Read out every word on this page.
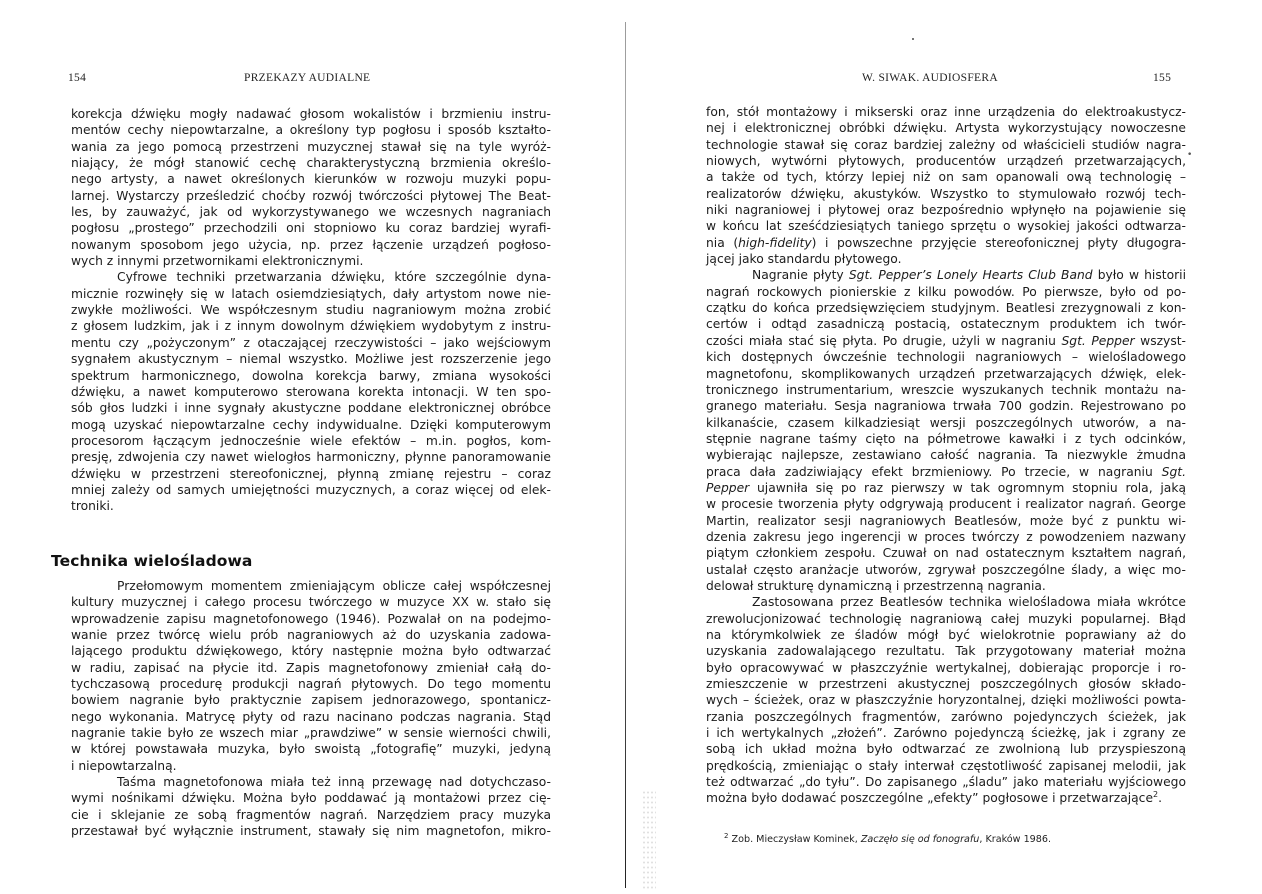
154	PRZEKAZY AUDIALNE
korekcja dźwięku mogły nadawać głosom wokalistów i brzmieniu instru-
mentów cechy niepowtarzalne, a określony typ pogłosu i sposób kształto-
wania za jego pomocą przestrzeni muzycznej stawał się na tyle wyróż-
niający, że mógł stanowić cechę charakterystyczną brzmienia określo-
nego artysty, a nawet określonych kierunków w rozwoju muzyki popu-
larnej. Wystarczy prześledzić choćby rozwój twórczości płytowej The Beat-
les, by zauważyć, jak od wykorzystywanego we wczesnych nagraniach
pogłosu „prostego” przechodzili oni stopniowo ku coraz bardziej wyrafi-
nowanym sposobom jego użycia, np. przez łączenie urządzeń pogłoso-
wych z innymi przetwornikami elektronicznymi.
Cyfrowe techniki przetwarzania dźwięku, które szczególnie dyna-
micznie rozwinęły się w latach osiemdziesiątych, dały artystom nowe nie-
zwykłe możliwości. We współczesnym studiu nagraniowym można zrobić
z głosem ludzkim, jak i z innym dowolnym dźwiękiem wydobytym z instru-
mentu czy „pożyczonym” z otaczającej rzeczywistości – jako wejściowym
sygnałem akustycznym – niemal wszystko. Możliwe jest rozszerzenie jego
spektrum harmonicznego, dowolna korekcja barwy, zmiana wysokości
dźwięku, a nawet komputerowo sterowana korekta intonacji. W ten spo-
sób głos ludzki i inne sygnały akustyczne poddane elektronicznej obróbce
mogą uzyskać niepowtarzalne cechy indywidualne. Dzięki komputerowym
procesorom łączącym jednocześnie wiele efektów – m.in. pogłos, kom-
presję, zdwojenia czy nawet wielogłos harmoniczny, płynne panoramowanie
dźwięku w przestrzeni stereofonicznej, płynną zmianę rejestru – coraz
mniej zależy od samych umiejętności muzycznych, a coraz więcej od elek-
troniki.
Technika wielośladowa
Przełomowym momentem zmieniającym oblicze całej współczesnej
kultury muzycznej i całego procesu twórczego w muzyce XX w. stało się
wprowadzenie zapisu magnetofonowego (1946). Pozwalał on na podejmo-
wanie przez twórcę wielu prób nagraniowych aż do uzyskania zadowa-
lającego produktu dźwiękowego, który następnie można było odtwarzać
w radiu, zapisać na płycie itd. Zapis magnetofonowy zmieniał całą do-
tychczasową procedurę produkcji nagrań płytowych. Do tego momentu
bowiem nagranie było praktycznie zapisem jednorazowego, spontanicz-
nego wykonania. Matrycę płyty od razu nacinano podczas nagrania. Stąd
nagranie takie było ze wszech miar „prawdziwe” w sensie wierności chwili,
w której powstawała muzyka, było swoistą „fotografię” muzyki, jedyną
i niepowtarzalną.
Taśma magnetofonowa miała też inną przewagę nad dotychczaso-
wymi nośnikami dźwięku. Można było poddawać ją montażowi przez cię-
cie i sklejanie ze sobą fragmentów nagrań. Narzędziem pracy muzyka
przestawał być wyłącznie instrument, stawały się nim magnetofon, mikro-
W. SIWAK. AUDIOSFERA	155
fon, stół montażowy i mikserski oraz inne urządzenia do elektroakustycz-
nej i elektronicznej obróbki dźwięku. Artysta wykorzystujący nowoczesne
technologie stawał się coraz bardziej zależny od właścicieli studiów nagra-
niowych, wytwórni płytowych, producentów urządzeń przetwarzających,
a także od tych, którzy lepiej niż on sam opanowali ową technologię –
realizatorów dźwięku, akustyków. Wszystko to stymulowało rozwój tech-
niki nagraniowej i płytowej oraz bezpośrednio wpłynęło na pojawienie się
w końcu lat sześćdziesiątych taniego sprzętu o wysokiej jakości odtwarza-
nia (high-fidelity) i powszechne przyjęcie stereofonicznej płyty długogra-
jącej jako standardu płytowego.
Nagranie płyty Sgt. Pepper’s Lonely Hearts Club Band było w historii
nagrań rockowych pionierskie z kilku powodów. Po pierwsze, było od po-
czątku do końca przedsięwzięciem studyjnym. Beatlesi zrezygnowali z kon-
certów i odtąd zasadniczą postacią, ostatecznym produktem ich twór-
czości miała stać się płyta. Po drugie, użyli w nagraniu Sgt. Pepper wszyst-
kich dostępnych ówcześnie technologii nagraniowych – wielośladowego
magnetofonu, skomplikowanych urządzeń przetwarzających dźwięk, elek-
tronicznego instrumentarium, wreszcie wyszukanych technik montażu na-
granego materiału. Sesja nagraniowa trwała 700 godzin. Rejestrowano po
kilkanaście, czasem kilkadziesiąt wersji poszczególnych utworów, a na-
stępnie nagrane taśmy cięto na półmetrowe kawałki i z tych odcinków,
wybierając najlepsze, zestawiano całość nagrania. Ta niezwykle żmudna
praca dała zadziwiający efekt brzmieniowy. Po trzecie, w nagraniu Sgt.
Pepper ujawniła się po raz pierwszy w tak ogromnym stopniu rola, jaką
w procesie tworzenia płyty odgrywają producent i realizator nagrań. George
Martin, realizator sesji nagraniowych Beatlesów, może być z punktu wi-
dzenia zakresu jego ingerencji w proces twórczy z powodzeniem nazwany
piątym członkiem zespołu. Czuwał on nad ostatecznym kształtem nagrań,
ustalał często aranżacje utworów, zgrywał poszczególne ślady, a więc mo-
delował strukturę dynamiczną i przestrzenną nagrania.
Zastosowana przez Beatlesów technika wielośladowa miała wkrótce
zrewolucjonizować technologię nagraniową całej muzyki popularnej. Błąd
na którymkolwiek ze śladów mógł być wielokrotnie poprawiany aż do
uzyskania zadowalającego rezultatu. Tak przygotowany materiał można
było opracowywać w płaszczyźnie wertykalnej, dobierając proporcje i ro-
zmieszczenie w przestrzeni akustycznej poszczególnych głosów składo-
wych – ścieżek, oraz w płaszczyźnie horyzontalnej, dzięki możliwości powta-
rzania poszczególnych fragmentów, zarówno pojedynczych ścieżek, jak
i ich wertykalnych „złożeń”. Zarówno pojedynczą ścieżkę, jak i zgrany ze
sobą ich układ można było odtwarzać ze zwolnioną lub przyspieszoną
prędkością, zmieniając o stały interwał częstotliwość zapisanej melodii, jak
też odtwarzać „do tyłu”. Do zapisanego „śladu” jako materiału wyjściowego
można było dodawać poszczególne „efekty” pogłosowe i przetwarzające$^2$.
$^2$ Zob. Mieczysław Kominek, Zaczęło się od fonografu, Kraków 1986.
•
